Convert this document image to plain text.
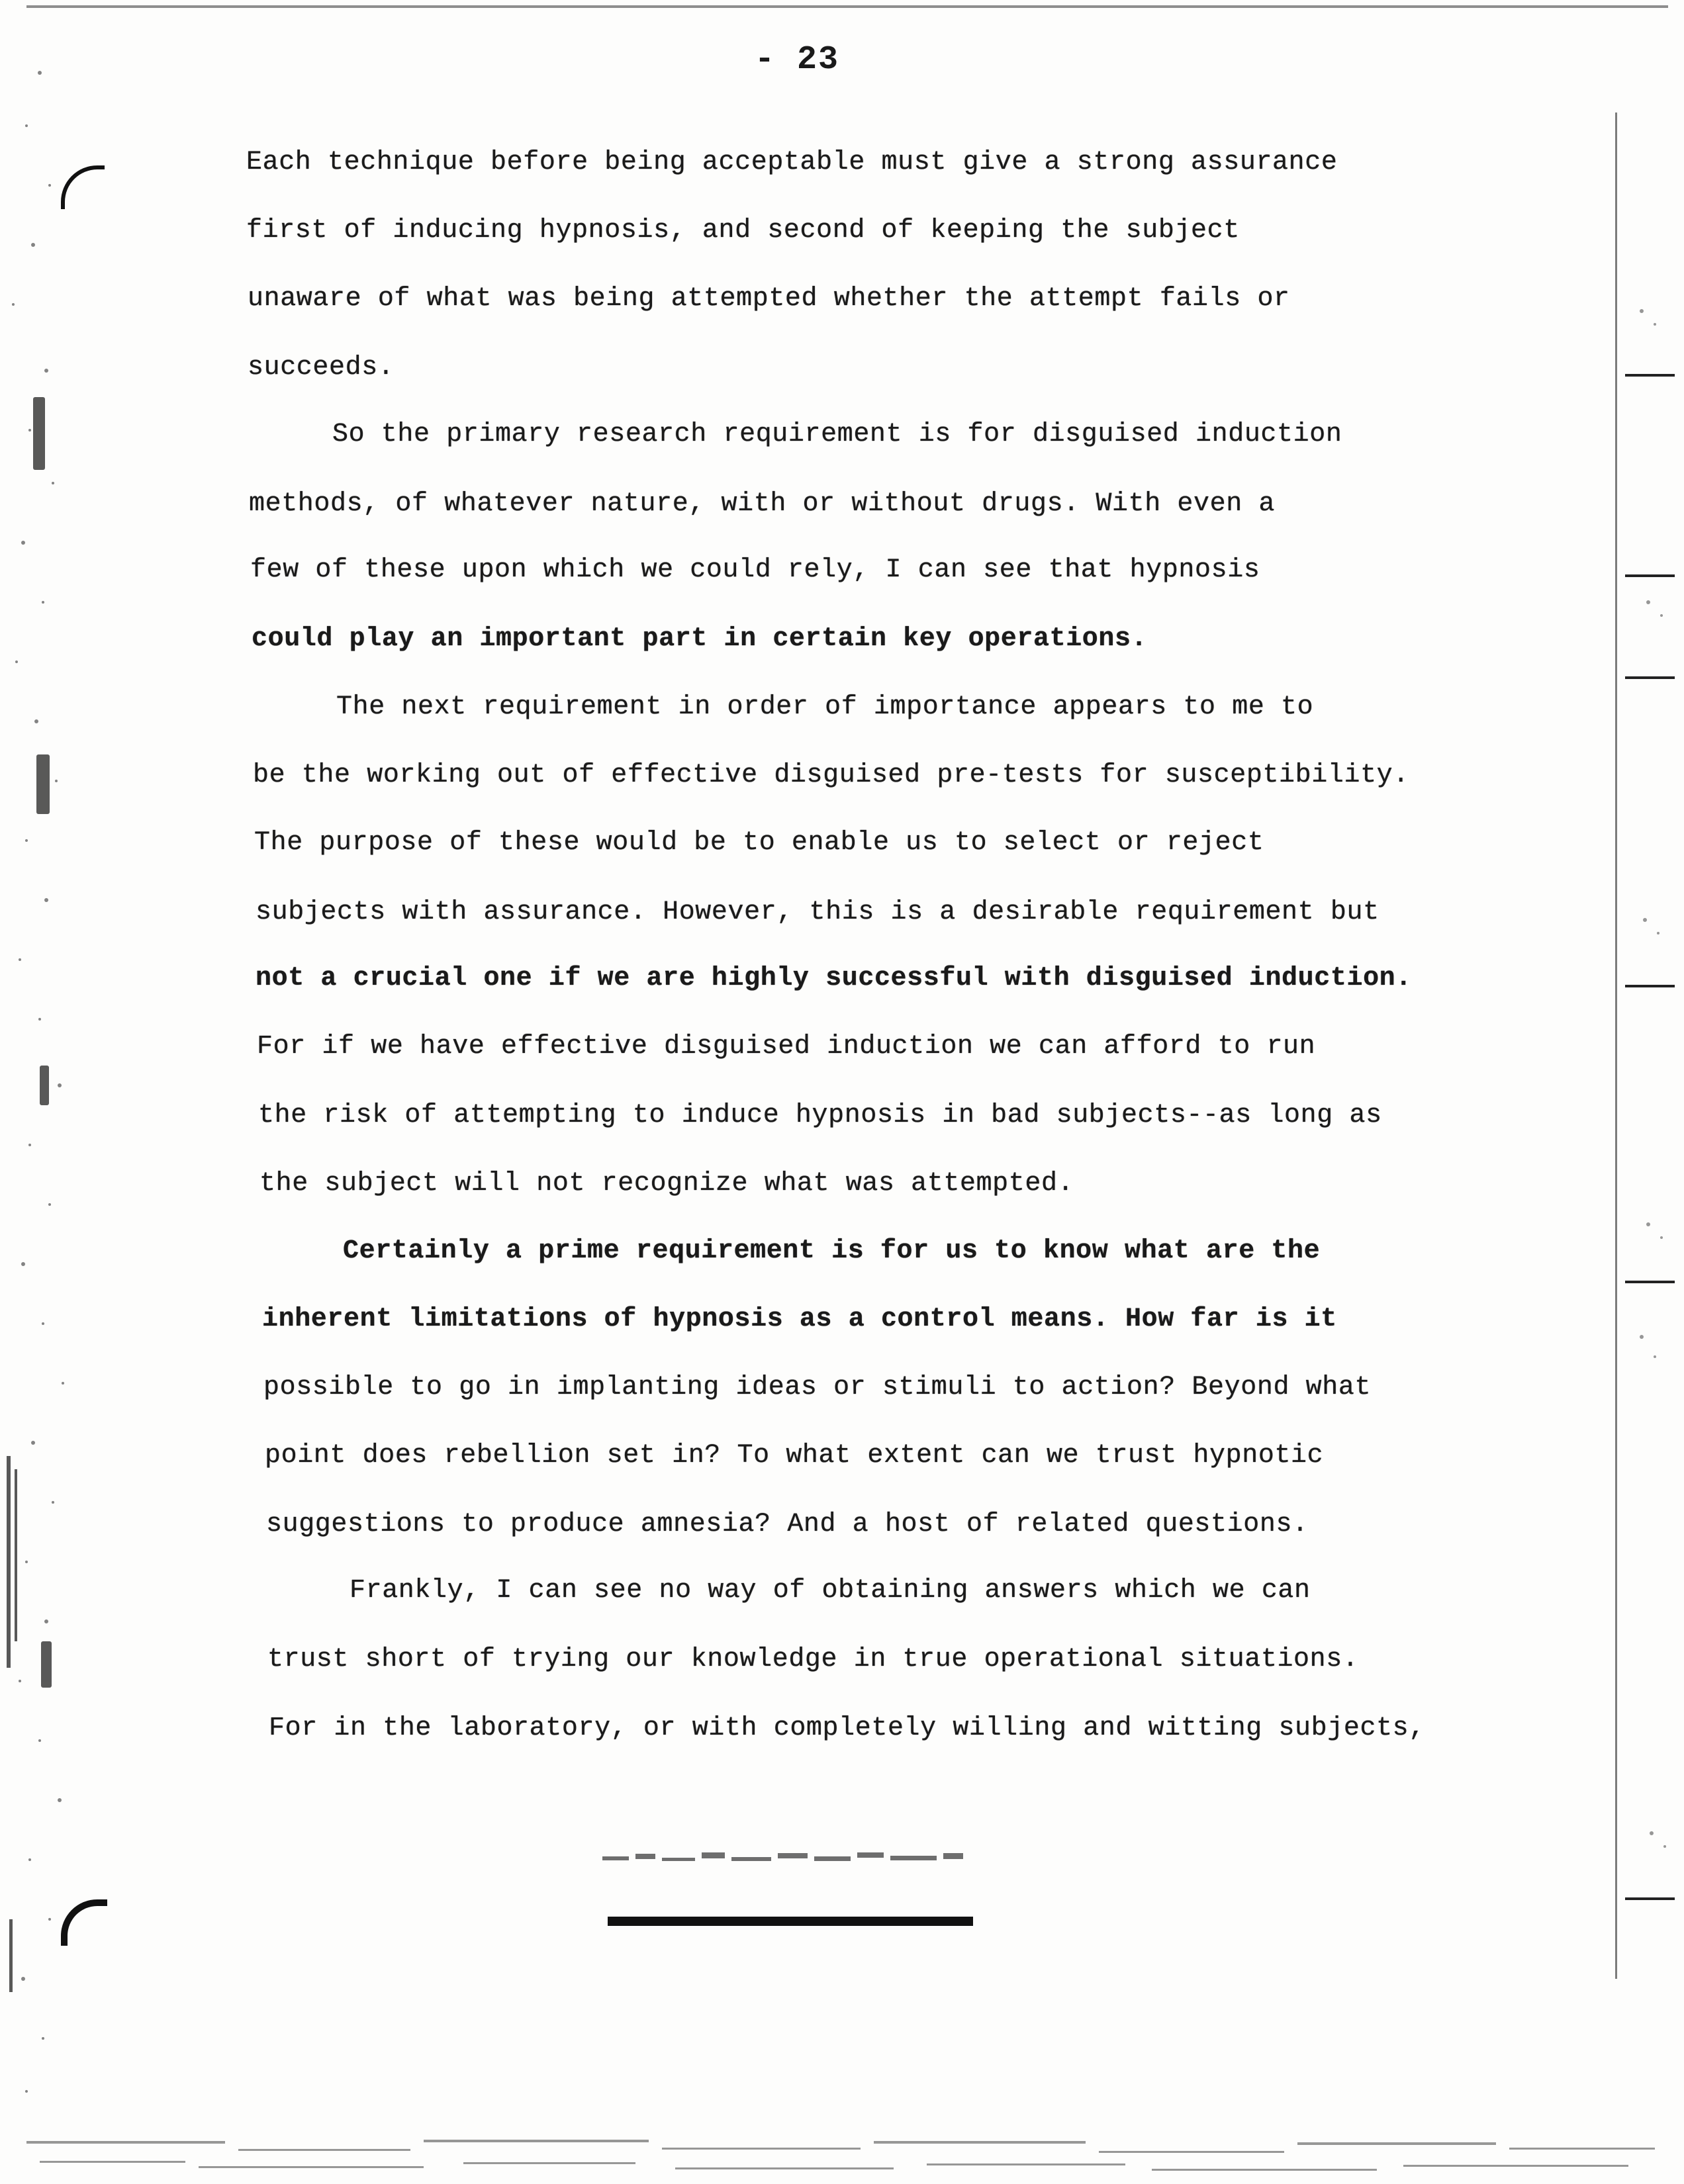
- 23
Each technique before being acceptable must give a strong assurance
first of inducing hypnosis, and second of keeping the subject
unaware of what was being attempted whether the attempt fails or
succeeds.
So the primary research requirement is for disguised induction
methods, of whatever nature, with or without drugs. With even a
few of these upon which we could rely, I can see that hypnosis
could play an important part in certain key operations.
The next requirement in order of importance appears to me to
be the working out of effective disguised pre-tests for susceptibility.
The purpose of these would be to enable us to select or reject
subjects with assurance. However, this is a desirable requirement but
not a crucial one if we are highly successful with disguised induction.
For if we have effective disguised induction we can afford to run
the risk of attempting to induce hypnosis in bad subjects--as long as
the subject will not recognize what was attempted.
Certainly a prime requirement is for us to know what are the
inherent limitations of hypnosis as a control means. How far is it
possible to go in implanting ideas or stimuli to action? Beyond what
point does rebellion set in? To what extent can we trust hypnotic
suggestions to produce amnesia? And a host of related questions.
Frankly, I can see no way of obtaining answers which we can
trust short of trying our knowledge in true operational situations.
For in the laboratory, or with completely willing and witting subjects,
